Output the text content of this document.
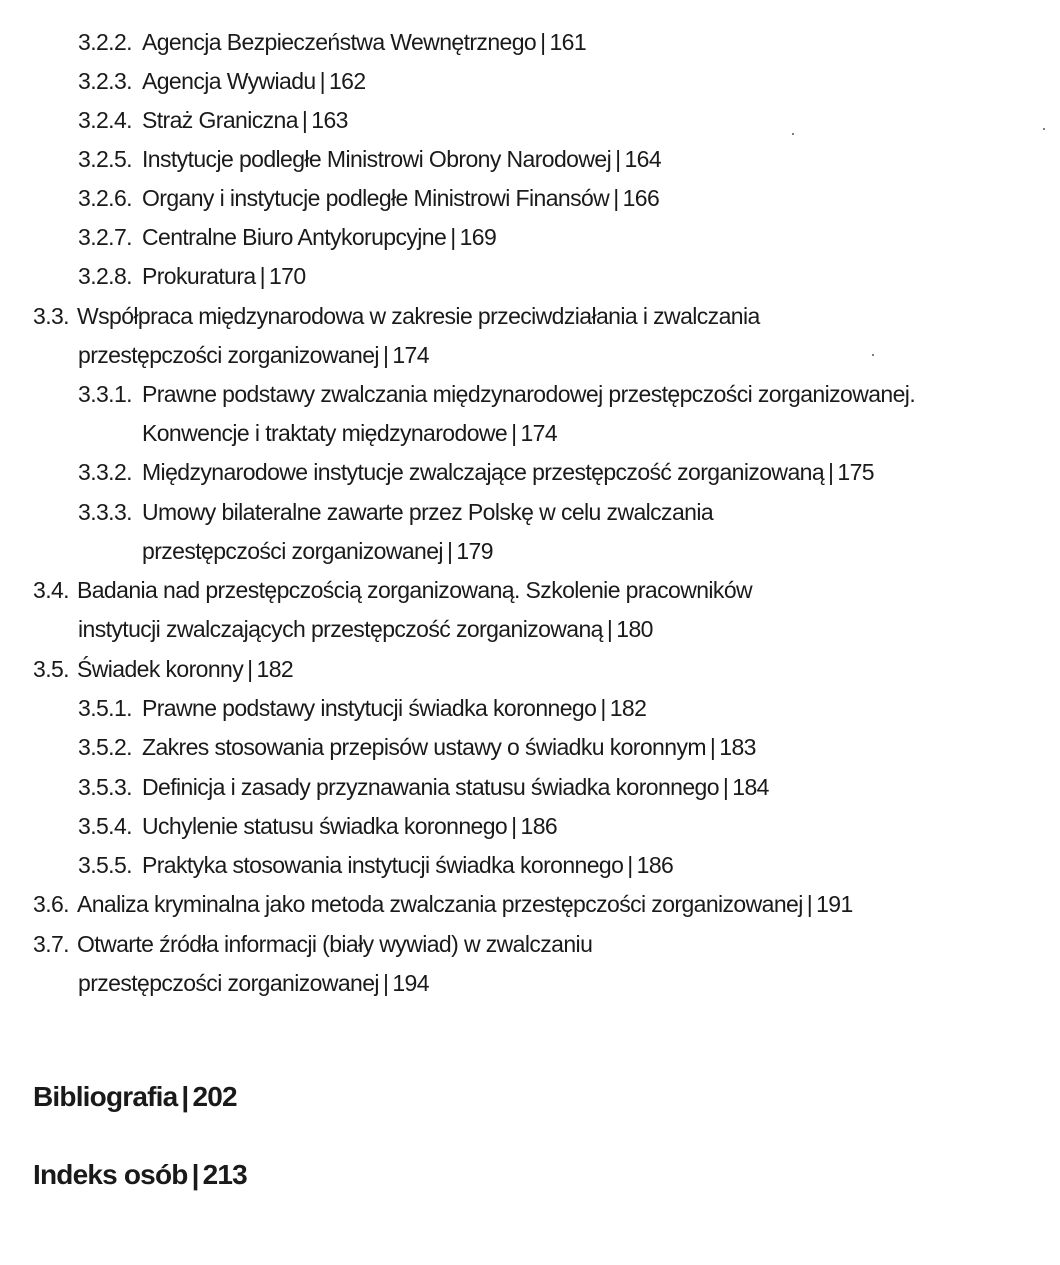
3.2.2. Agencja Bezpieczeństwa Wewnętrznego | 161
3.2.3. Agencja Wywiadu | 162
3.2.4. Straż Graniczna | 163
3.2.5. Instytucje podległe Ministrowi Obrony Narodowej | 164
3.2.6. Organy i instytucje podległe Ministrowi Finansów | 166
3.2.7. Centralne Biuro Antykorupcyjne | 169
3.2.8. Prokuratura | 170
3.3. Współpraca międzynarodowa w zakresie przeciwdziałania i zwalczania
przestępczości zorganizowanej | 174
3.3.1. Prawne podstawy zwalczania międzynarodowej przestępczości zorganizowanej.
Konwencje i traktaty międzynarodowe | 174
3.3.2. Międzynarodowe instytucje zwalczające przestępczość zorganizowaną | 175
3.3.3. Umowy bilateralne zawarte przez Polskę w celu zwalczania
przestępczości zorganizowanej | 179
3.4. Badania nad przestępczością zorganizowaną. Szkolenie pracowników
instytucji zwalczających przestępczość zorganizowaną | 180
3.5. Świadek koronny | 182
3.5.1. Prawne podstawy instytucji świadka koronnego | 182
3.5.2. Zakres stosowania przepisów ustawy o świadku koronnym | 183
3.5.3. Definicja i zasady przyznawania statusu świadka koronnego | 184
3.5.4. Uchylenie statusu świadka koronnego | 186
3.5.5. Praktyka stosowania instytucji świadka koronnego | 186
3.6. Analiza kryminalna jako metoda zwalczania przestępczości zorganizowanej | 191
3.7. Otwarte źródła informacji (biały wywiad) w zwalczaniu
przestępczości zorganizowanej | 194
Bibliografia | 202
Indeks osób | 213
